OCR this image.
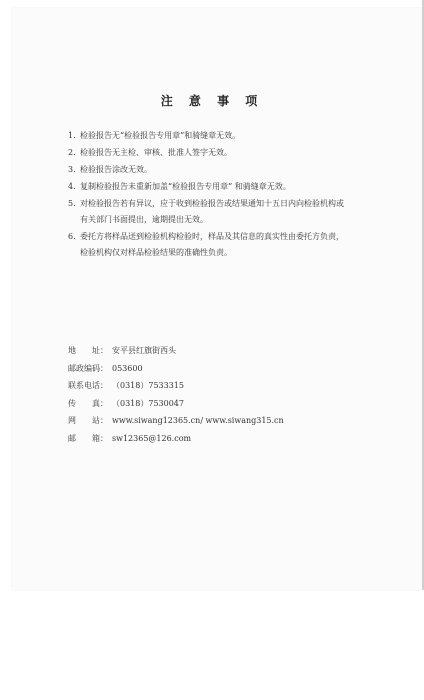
注 意 事 项
1. 检验报告无“检验报告专用章”和骑缝章无效。
2. 检验报告无主检、审核、批准人签字无效。
3. 检验报告涂改无效。
4. 复制检验报告未重新加盖“检验报告专用章” 和骑缝章无效。
5. 对检验报告若有异议，应于收到检验报告或结果通知十五日内向检验机构或
有关部门书面提出，逾期提出无效。
6. 委托方将样品送到检验机构检验时，样品及其信息的真实性由委托方负责，
检验机构仅对样品检验结果的准确性负责。
地　　址： 安平县红旗街西头
邮政编码： 053600
联系电话： （0318）7533315
传　　真： （0318）7530047
网　　站： www.siwang12365.cn/ www.siwang315.cn
邮　　箱： sw12365@126.com
